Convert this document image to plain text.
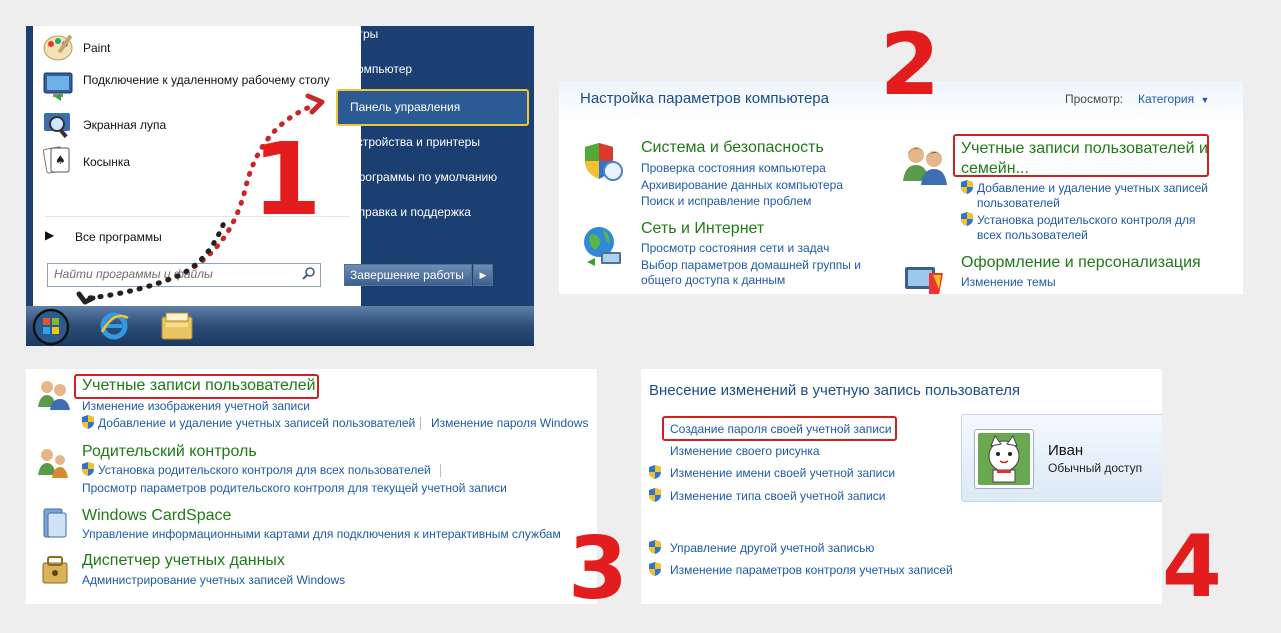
Paint
Подключение к удаленному рабочему столу
Экранная лупа
♠ Косынка
▶ Все программы
Найти программы и файлы
Игры
Компьютер
Панель управления
Устройства и принтеры
Программы по умолчанию
Справка и поддержка
Завершение работы	▶
1
Настройка параметров компьютера	Просмотр: Категория ▼
Система и безопасность
Проверка состояния компьютера
Архивирование данных компьютера
Поиск и исправление проблем
Сеть и Интернет
Просмотр состояния сети и задач
Выбор параметров домашней группы и
общего доступа к данным
Учетные записи пользователей и
семейн...
Добавление и удаление учетных записей
пользователей
Установка родительского контроля для
всех пользователей
Оформление и персонализация
Изменение темы
2
Учетные записи пользователей
Изменение изображения учетной записи
Добавление и удаление учетных записей пользователей Изменение пароля Windows
Родительский контроль
Установка родительского контроля для всех пользователей
Просмотр параметров родительского контроля для текущей учетной записи
Windows CardSpace
Управление информационными картами для подключения к интерактивным службам
Диспетчер учетных данных
Администрирование учетных записей Windows	3
Внесение изменений в учетную запись пользователя
Создание пароля своей учетной записи
Изменение своего рисунка
Изменение имени своей учетной записи
Изменение типа своей учетной записи
Управление другой учетной записью
Изменение параметров контроля учетных записей
Иван
Обычный доступ
4
